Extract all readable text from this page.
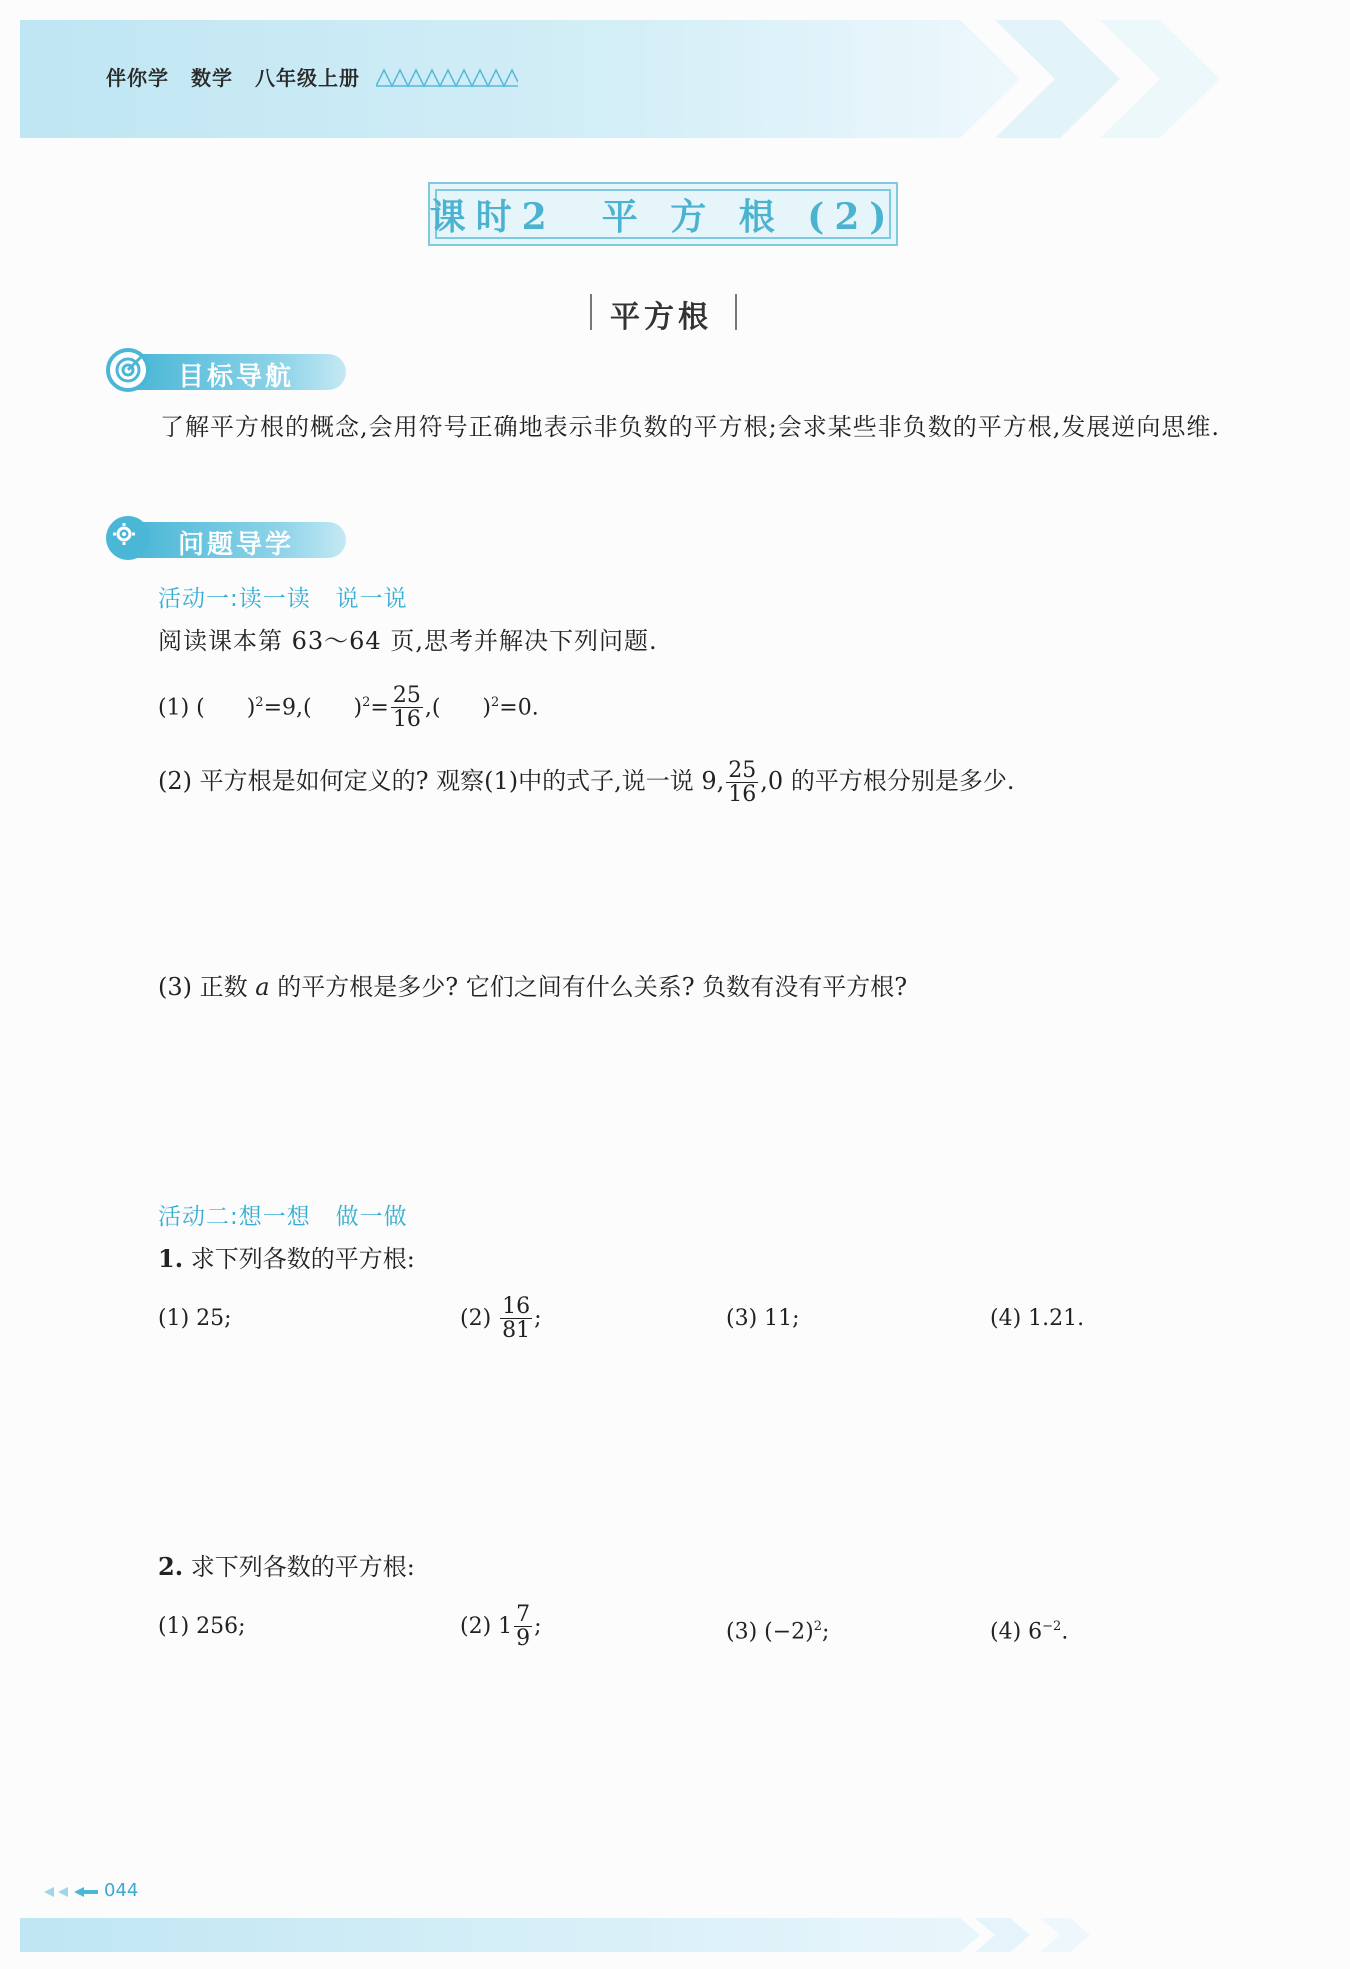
伴你学 数学 八年级上册
课时2  平 方 根 (2)
平方根
目标导航
了解平方根的概念,会用符号正确地表示非负数的平方根;会求某些非负数的平方根,发展逆向思维.
问题导学
活动一:读一读   说一说
阅读课本第 63～64 页,思考并解决下列问题.
(1) (      )$^2$=9,(      )$^2= \frac{25}{16}$ ,(      )$^2$=0.
(2) 平方根是如何定义的? 观察(1)中的式子,说一说 9, $\frac{25}{16} ,0$ 的平方根分别是多少.
(3) 正数 a 的平方根是多少? 它们之间有什么关系? 负数有没有平方根?
活动二:想一想   做一做
1. 求下列各数的平方根:
(1) 25;	$(2) \frac{16}{81}$ ;	(3) 11;	(4) 1.21.
2. 求下列各数的平方根:
(1) 256;	(2) $1 \frac{7}{9}$ ;	(3) $(-2)^2$;	(4) $6^{-2}$.
044
